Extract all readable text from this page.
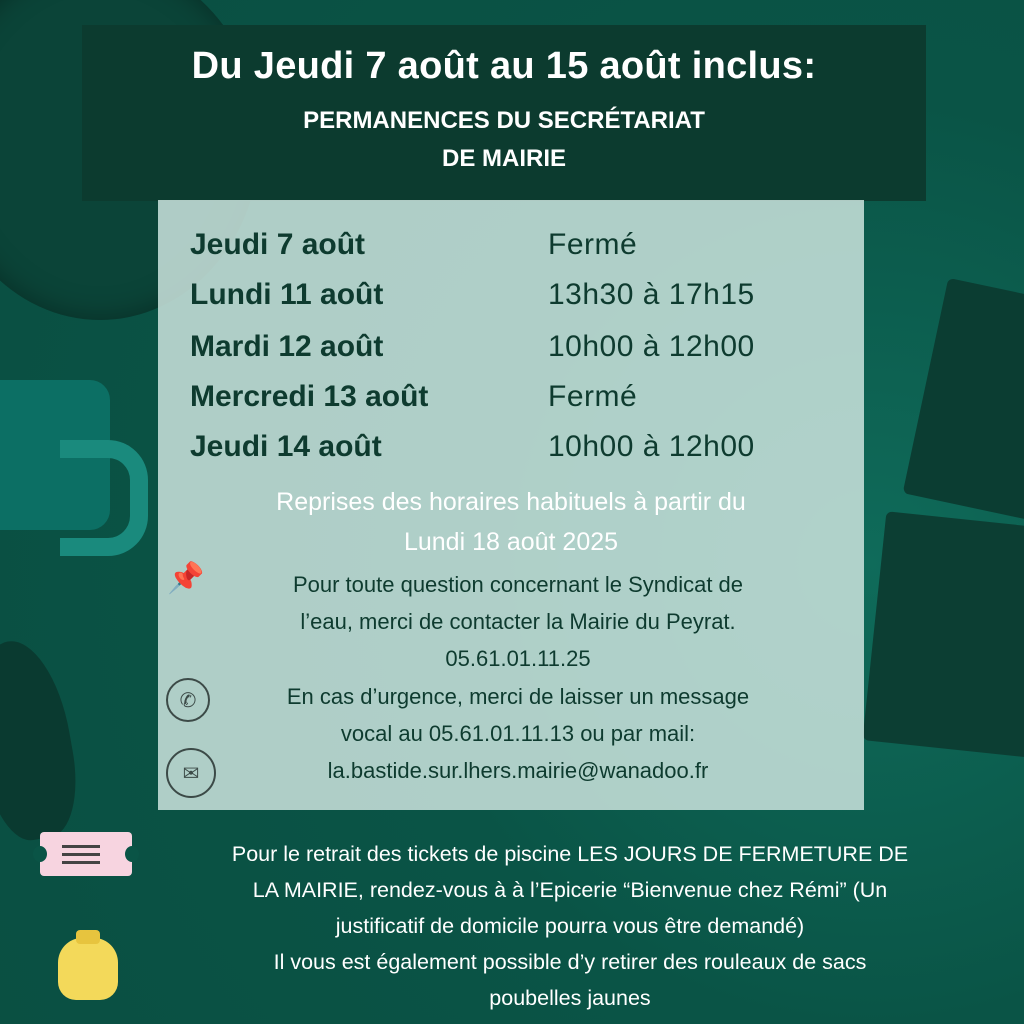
Du Jeudi 7 août au 15 août inclus:
PERMANENCES DU SECRÉTARIAT
DE MAIRIE
Jeudi 7 août	Fermé
Lundi 11 août	13h30 à 17h15
Mardi 12 août	10h00 à 12h00
Mercredi 13 août	Fermé
Jeudi 14 août	10h00 à 12h00
Reprises des horaires habituels à partir du
Lundi 18 août 2025
📌	Pour toute question concernant le Syndicat de
l’eau, merci de contacter la Mairie du Peyrat.
05.61.01.11.25
✆
✉
En cas d’urgence, merci de laisser un message
vocal au 05.61.01.11.13 ou par mail:
la.bastide.sur.lhers.mairie@wanadoo.fr
Pour le retrait des tickets de piscine LES JOURS DE FERMETURE DE
LA MAIRIE, rendez-vous à à l’Epicerie “Bienvenue chez Rémi” (Un
justificatif de domicile pourra vous être demandé)
Il vous est également possible d’y retirer des rouleaux de sacs
poubelles jaunes
